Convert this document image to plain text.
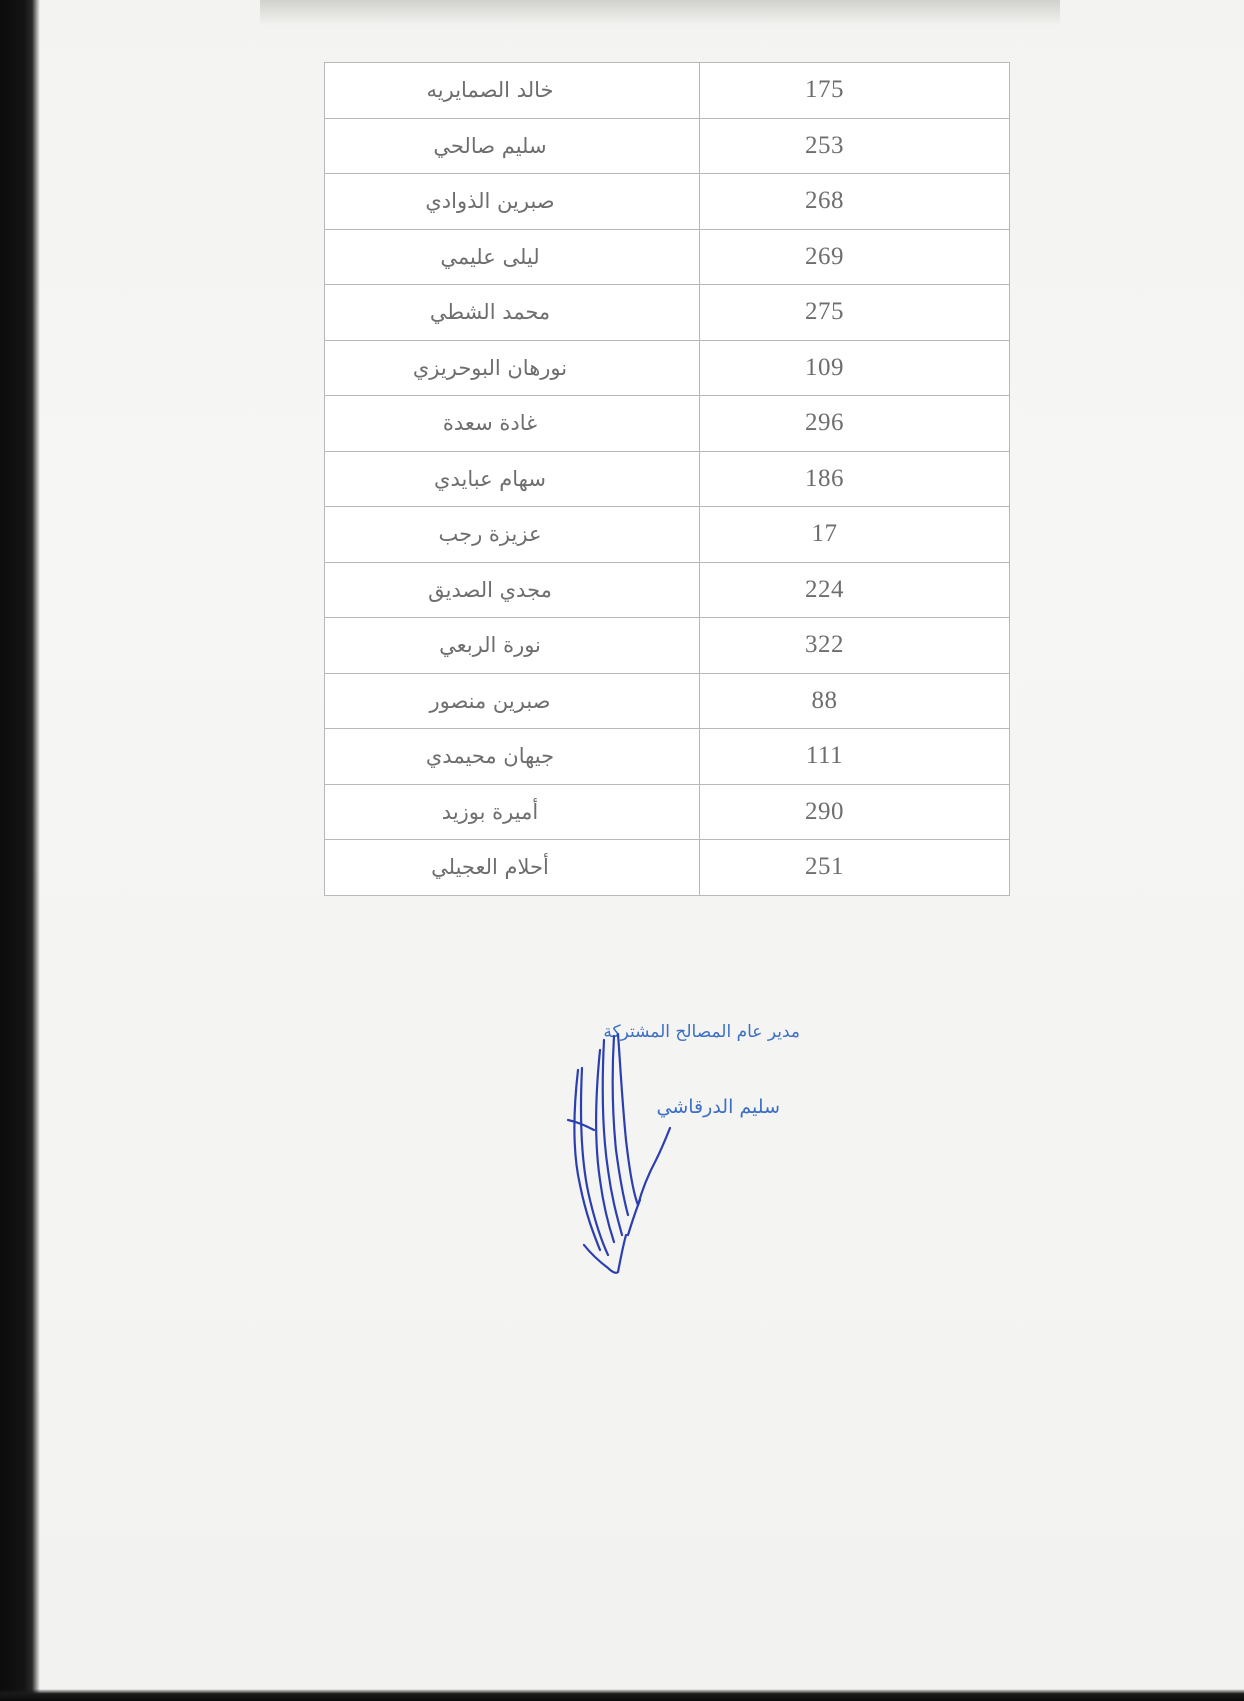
خالد الصمايريه	175
سليم صالحي	253
صبرين الذوادي	268
ليلى عليمي	269
محمد الشطي	275
نورهان البوحريزي	109
غادة سعدة	296
سهام عبايدي	186
عزيزة رجب	17
مجدي الصديق	224
نورة الربعي	322
صبرين منصور	88
جيهان محيمدي	111
أميرة بوزيد	290
أحلام العجيلي	251
مدير عام المصالح المشتركة
سليم الدرقاشي
